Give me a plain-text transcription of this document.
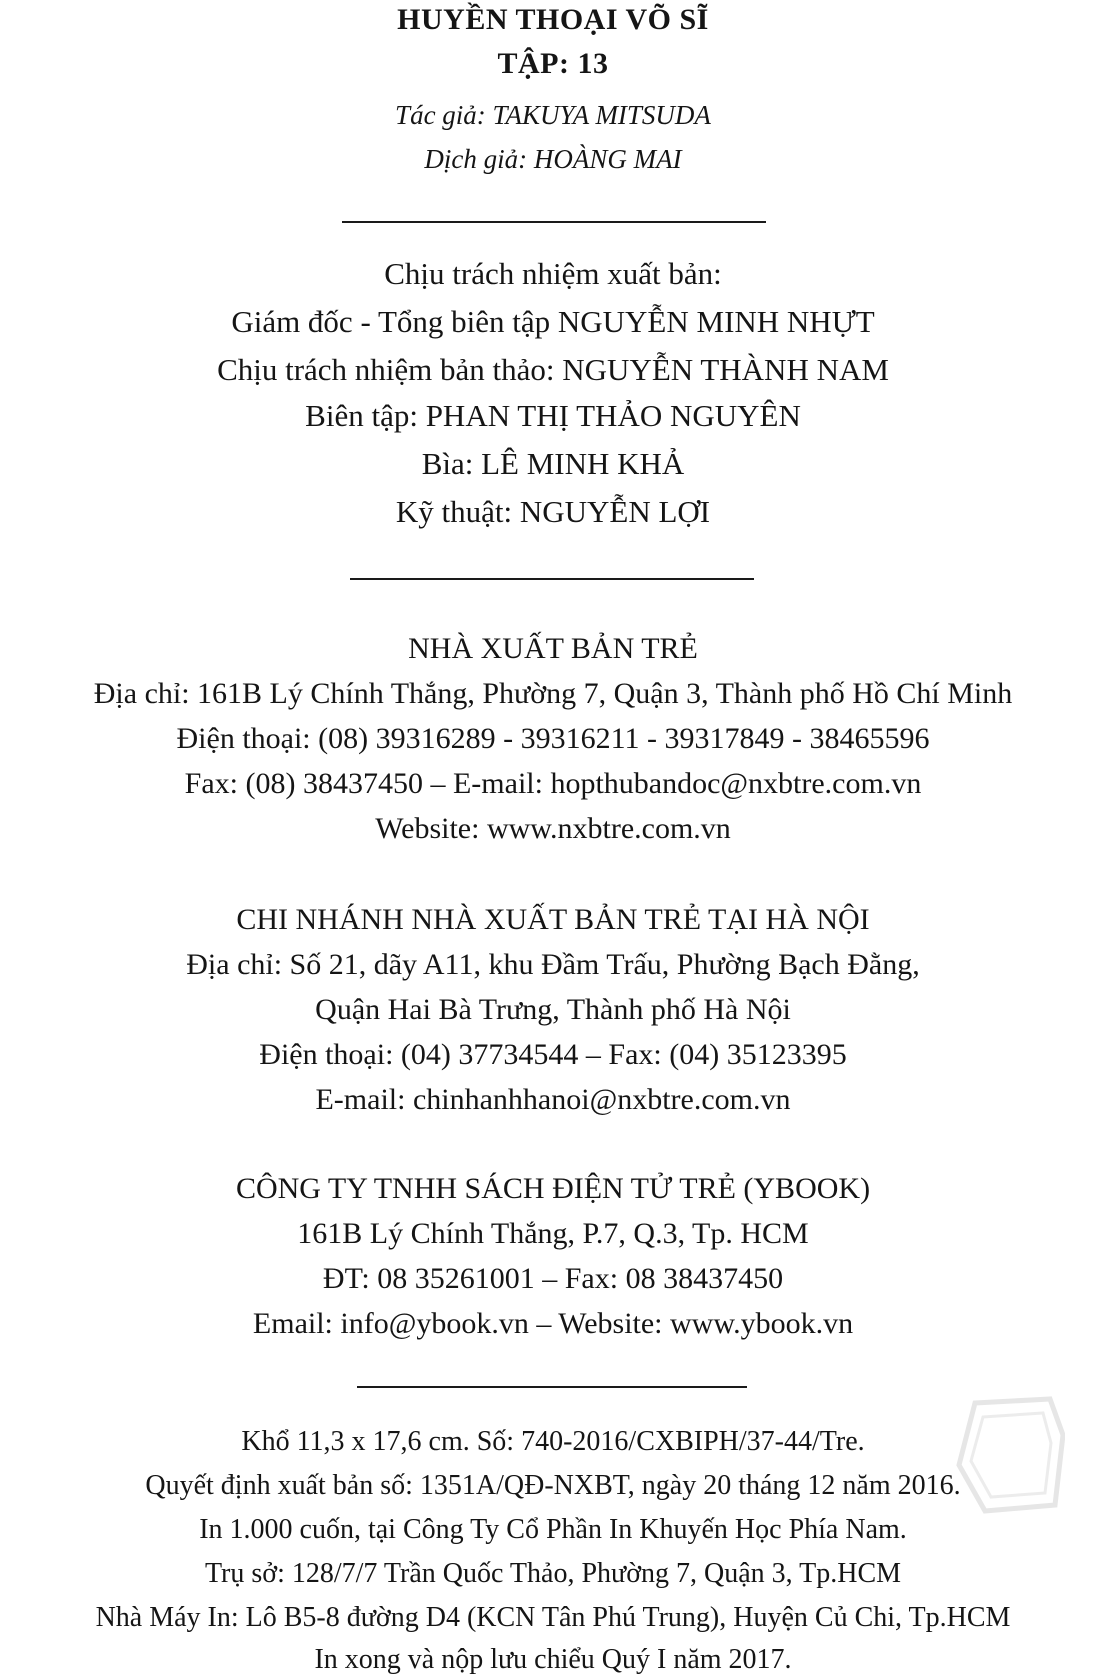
HUYỀN THOẠI VÕ SĨ
TẬP: 13
Tác giả: TAKUYA MITSUDA
Dịch giả: HOÀNG MAI
Chịu trách nhiệm xuất bản:
Giám đốc - Tổng biên tập NGUYỄN MINH NHỰT
Chịu trách nhiệm bản thảo: NGUYỄN THÀNH NAM
Biên tập: PHAN THỊ THẢO NGUYÊN
Bìa: LÊ MINH KHẢ
Kỹ thuật: NGUYỄN LỢI
NHÀ XUẤT BẢN TRẺ
Địa chỉ: 161B Lý Chính Thắng, Phường 7, Quận 3, Thành phố Hồ Chí Minh
Điện thoại: (08) 39316289 - 39316211 - 39317849 - 38465596
Fax: (08) 38437450 – E-mail: hopthubandoc@nxbtre.com.vn
Website: www.nxbtre.com.vn
CHI NHÁNH NHÀ XUẤT BẢN TRẺ TẠI HÀ NỘI
Địa chỉ: Số 21, dãy A11, khu Đầm Trấu, Phường Bạch Đằng,
Quận Hai Bà Trưng, Thành phố Hà Nội
Điện thoại: (04) 37734544 – Fax: (04) 35123395
E-mail: chinhanhhanoi@nxbtre.com.vn
CÔNG TY TNHH SÁCH ĐIỆN TỬ TRẺ (YBOOK)
161B Lý Chính Thắng, P.7, Q.3, Tp. HCM
ĐT: 08 35261001 – Fax: 08 38437450
Email: info@ybook.vn – Website: www.ybook.vn
Khổ 11,3 x 17,6 cm. Số: 740-2016/CXBIPH/37-44/Tre.
Quyết định xuất bản số: 1351A/QĐ-NXBT, ngày 20 tháng 12 năm 2016.
In 1.000 cuốn, tại Công Ty Cổ Phần In Khuyến Học Phía Nam.
Trụ sở: 128/7/7 Trần Quốc Thảo, Phường 7, Quận 3, Tp.HCM
Nhà Máy In: Lô B5-8 đường D4 (KCN Tân Phú Trung), Huyện Củ Chi, Tp.HCM
In xong và nộp lưu chiểu Quý I năm 2017.
